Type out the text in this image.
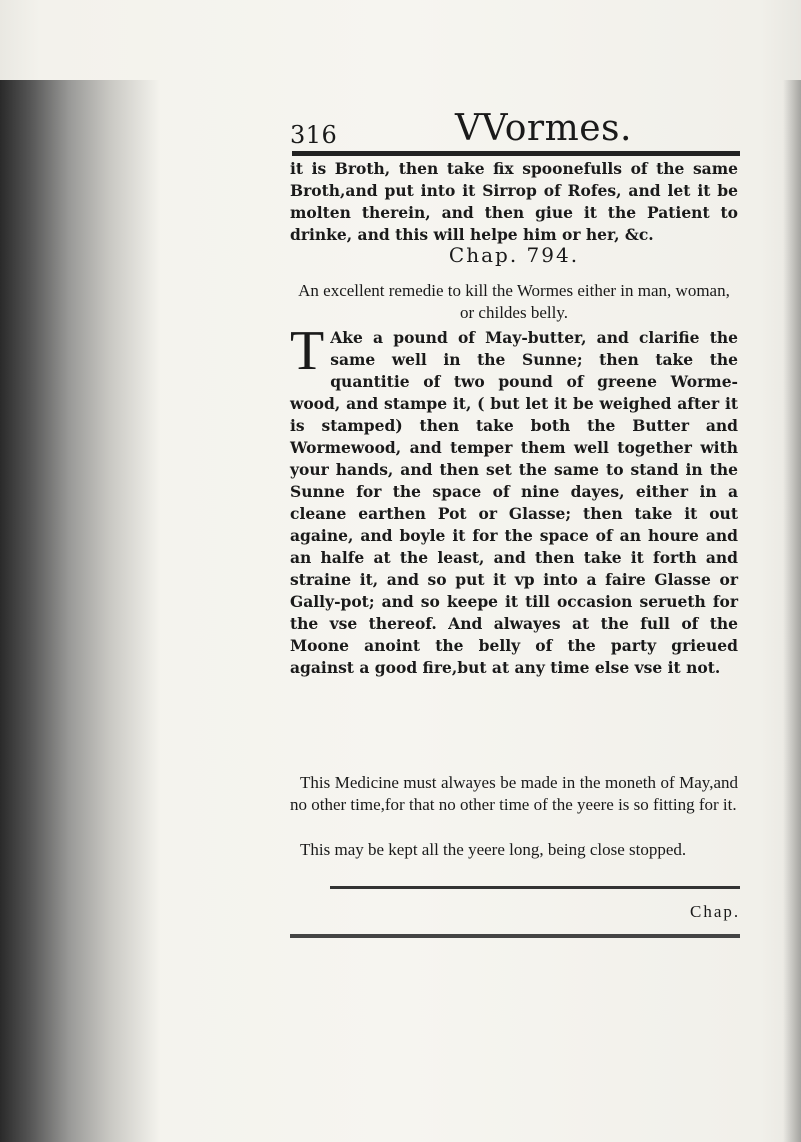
316	VVormes.

it is Broth, then take fix spoonefulls of the same Broth,and put into it Sirrop of Rofes, and let it be molten therein, and then giue it the Patient to drinke, and this will helpe him or her, &c.

Chap. 794.
An excellent remedie to kill the Wormes either in man, woman, or childes belly.

T Ake a pound of May-butter, and clarifie the same well in the Sunne; then take the quantitie of two pound of greene Worme-wood, and stampe it, ( but let it be weighed after it is stamped) then take both the Butter and Wormewood, and temper them well together with your hands, and then set the same to stand in the Sunne for the space of nine dayes, either in a cleane earthen Pot or Glasse; then take it out againe, and boyle it for the space of an houre and an halfe at the least, and then take it forth and straine it, and so put it vp into a faire Glasse or Gally-pot; and so keepe it till occasion serueth for the vse thereof. And alwayes at the full of the Moone anoint the belly of the party grieued against a good fire,but at any time else vse it not.

This Medicine must alwayes be made in the moneth of May,and no other time,for that no other time of the yeere is so fitting for it.

This may be kept all the yeere long, being close stopped.

Chap.
